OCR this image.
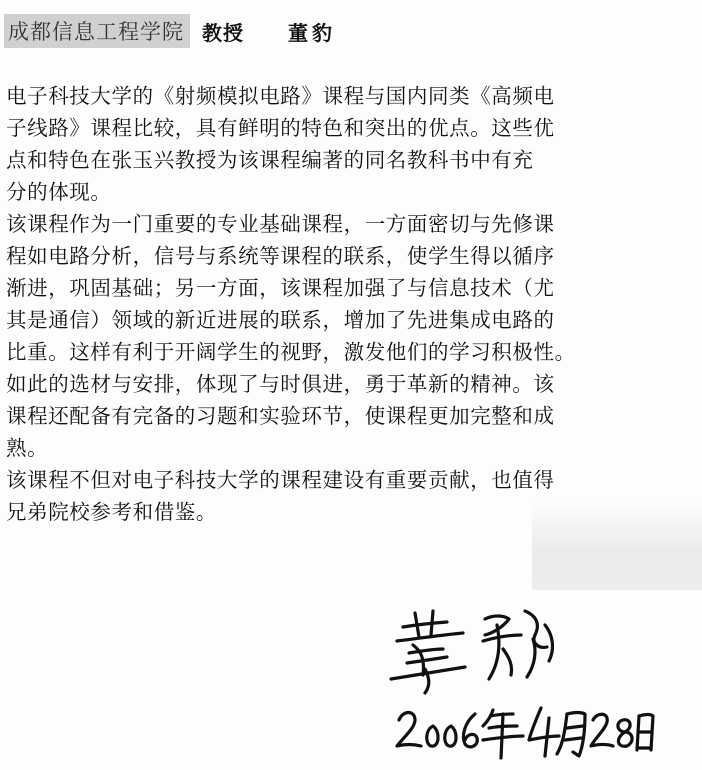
成都信息工程学院 教授 董豹
电子科技大学的《射频模拟电路》课程与国内同类《高频电
子线路》课程比较，具有鲜明的特色和突出的优点。这些优
点和特色在张玉兴教授为该课程编著的同名教科书中有充
分的体现。
该课程作为一门重要的专业基础课程，一方面密切与先修课
程如电路分析，信号与系统等课程的联系，使学生得以循序
渐进，巩固基础；另一方面，该课程加强了与信息技术（尤
其是通信）领域的新近进展的联系，增加了先进集成电路的
比重。这样有利于开阔学生的视野，激发他们的学习积极性。
如此的选材与安排，体现了与时俱进，勇于革新的精神。该
课程还配备有完备的习题和实验环节，使课程更加完整和成
熟。
该课程不但对电子科技大学的课程建设有重要贡献，也值得
兄弟院校参考和借鉴。
